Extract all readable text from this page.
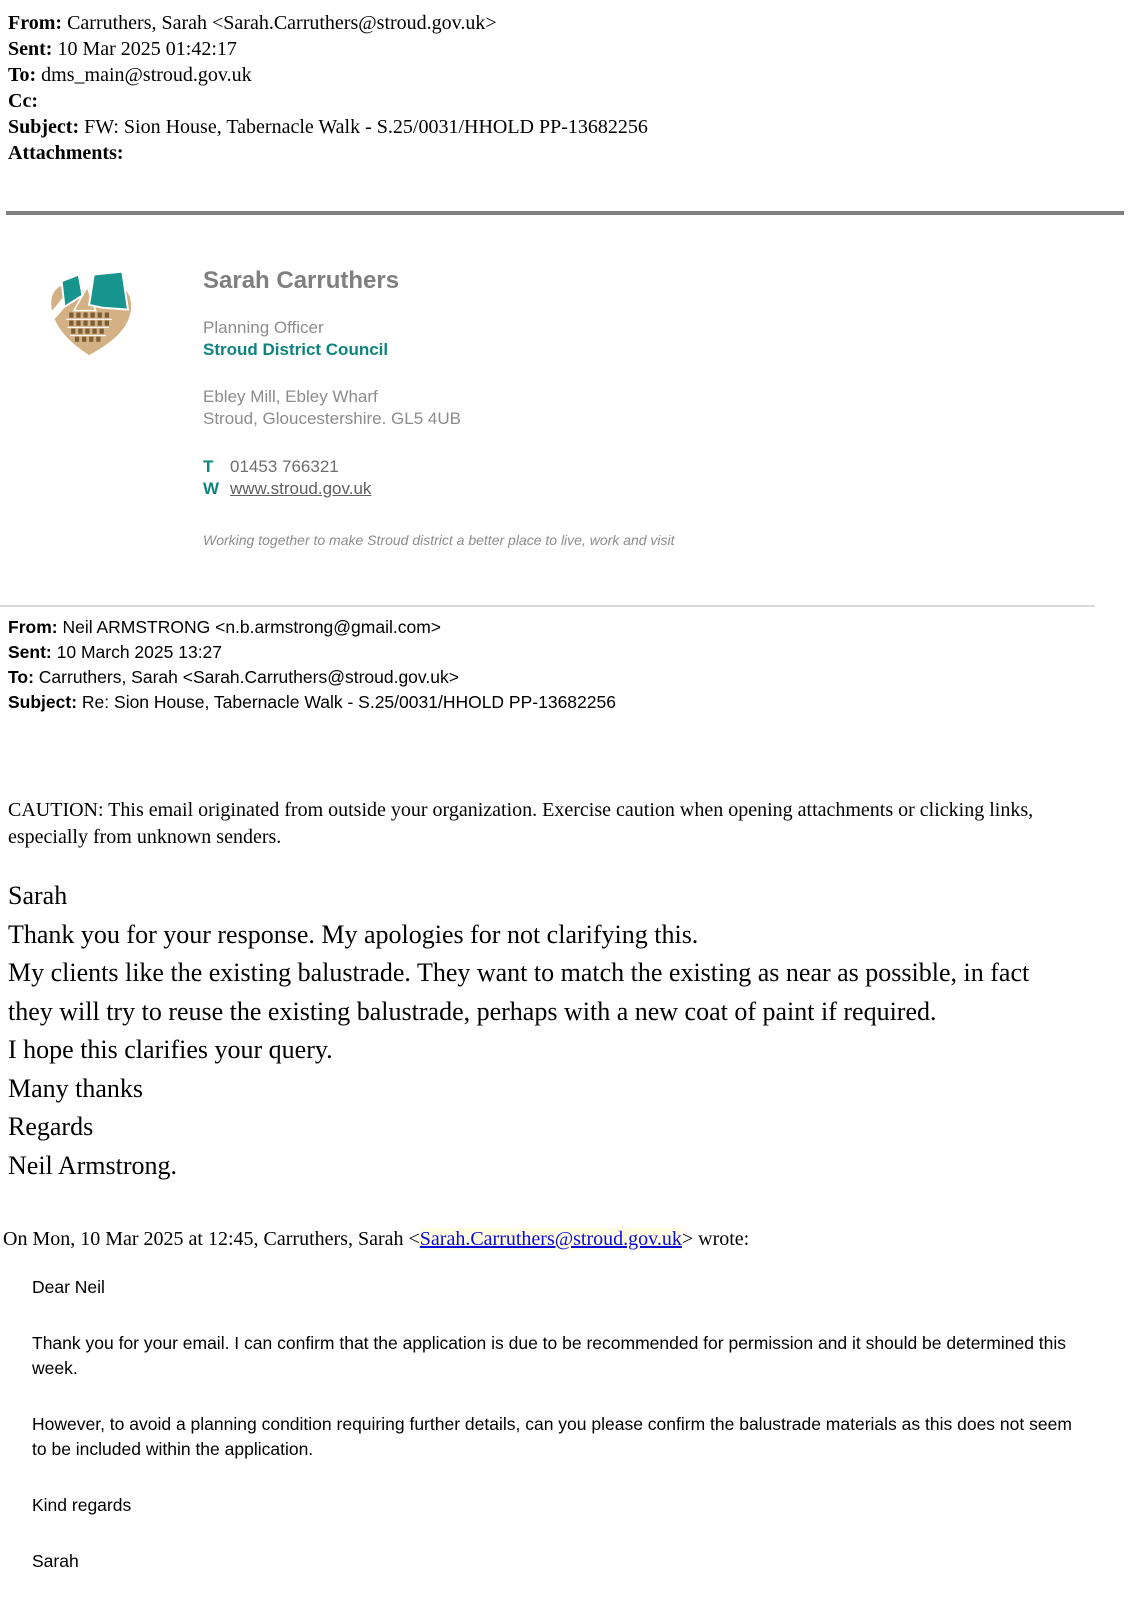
From: Carruthers, Sarah <Sarah.Carruthers@stroud.gov.uk>
Sent: 10 Mar 2025 01:42:17
To: dms_main@stroud.gov.uk
Cc:
Subject: FW: Sion House, Tabernacle Walk - S.25/0031/HHOLD PP-13682256
Attachments:
Sarah Carruthers
Planning Officer
Stroud District Council
Ebley Mill, Ebley Wharf
Stroud, Gloucestershire. GL5 4UB
T 01453 766321
W www.stroud.gov.uk
Working together to make Stroud district a better place to live, work and visit
From: Neil ARMSTRONG <n.b.armstrong@gmail.com>
Sent: 10 March 2025 13:27
To: Carruthers, Sarah <Sarah.Carruthers@stroud.gov.uk>
Subject: Re: Sion House, Tabernacle Walk - S.25/0031/HHOLD PP-13682256
CAUTION: This email originated from outside your organization. Exercise caution when opening attachments or clicking links, especially from unknown senders.
Sarah
Thank you for your response. My apologies for not clarifying this.
My clients like the existing balustrade. They want to match the existing as near as possible, in fact they will try to reuse the existing balustrade, perhaps with a new coat of paint if required.
I hope this clarifies your query.
Many thanks
Regards
Neil Armstrong.
On Mon, 10 Mar 2025 at 12:45, Carruthers, Sarah <Sarah.Carruthers@stroud.gov.uk> wrote:

Dear Neil

Thank you for your email. I can confirm that the application is due to be recommended for permission and it should be determined this week.

However, to avoid a planning condition requiring further details, can you please confirm the balustrade materials as this does not seem to be included within the application.

Kind regards

Sarah
